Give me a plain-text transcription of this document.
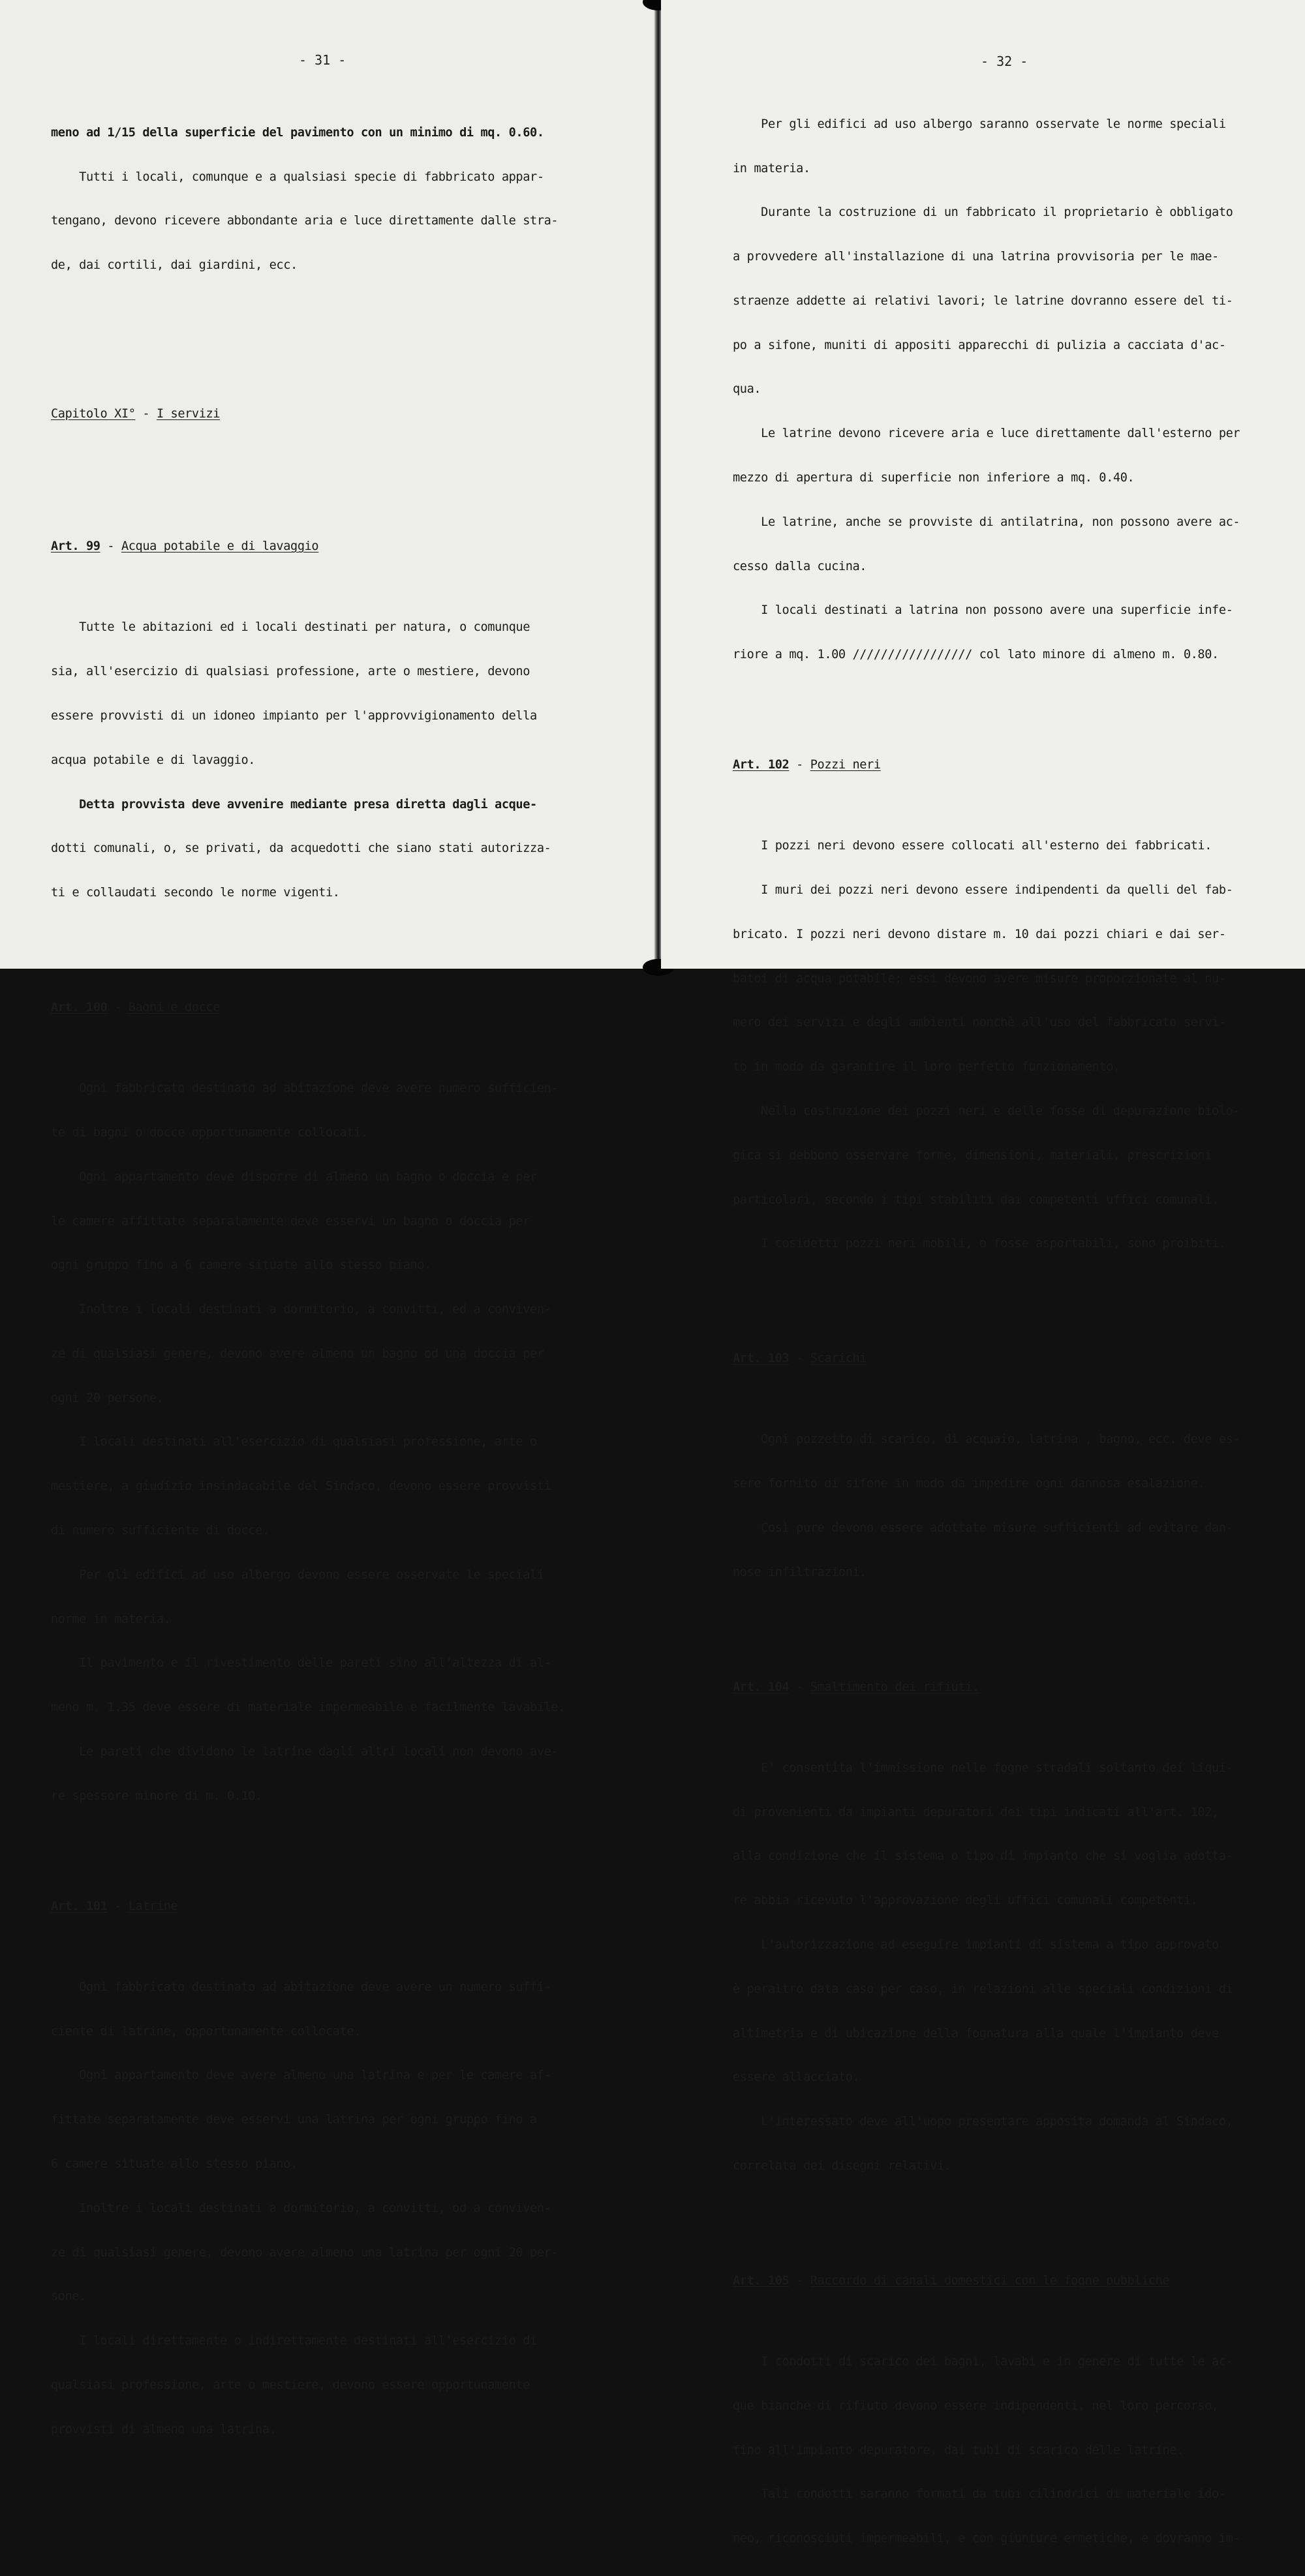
- 31 -

meno ad 1/15 della superficie del pavimento con un minimo di mq. 0.60.

Tutti i locali, comunque e a qualsiasi specie di fabbricato appar-

tengano, devono ricevere abbondante aria e luce direttamente dalle stra-

de, dai cortili, dai giardini, ecc.

Capitolo XI° - I servizi

Art. 99 - Acqua potabile e di lavaggio

Tutte le abitazioni ed i locali destinati per natura, o comunque

sia, all'esercizio di qualsiasi professione, arte o mestiere, devono

essere provvisti di un idoneo impianto per l'approvvigionamento della

acqua potabile e di lavaggio.

Detta provvista deve avvenire mediante presa diretta dagli acque-

dotti comunali, o, se privati, da acquedotti che siano stati autorizza-

ti e collaudati secondo le norme vigenti.

Art. 100 - Bagni e docce

Ogni fabbricato destinato ad abitazione deve avere numero sufficien-

te di bagni o docce opportunamente collocati.

Ogni appartamento deve disporre di almeno un bagno o doccia e per

le camere affittate separatamente deve esservi un bagno o doccia per

ogni gruppo fino a 6 camere situate allo stesso piano.

Inoltre i locali destinati a dormitorio, a convitti, ed a conviven-

ze di qualsiasi genere, devono avere almeno un bagno od una doccia per

ogni 20 persone.

I locali destinati all'esercizio di qualsiasi professione, arte o

mestiere, a giudizio insindacabile del Sindaco, devono essere provvisti

di numero sufficiente di docce.

Per gli edifici ad uso albergo devono essere osservate le speciali

norme in materia.

Il pavimento e il rivestimento delle pareti sino all'altezza di al-

meno m. 1.35 deve essere di materiale impermeabile e facilmente lavabile.

Le pareti che dividono le latrine dagli altri locali non devono ave-

re spessore minore di m. 0.10.

Art. 101 - Latrine

Ogni fabbricato destinato ad abitazione deve avere un numero suffi-

ciente di latrine, opportunamente collocate.

Ogni appartamento deve avere almeno una latrina e per le camere af-

fittate separatamente deve esservi una latrina per ogni gruppo fino a

6 camere situate allo stesso piano.

Inoltre i locali destinati a dormitorio, a convitti, od a conviven-

ze di qualsiasi genere, devono avere almeno una latrina per ogni 20 per-

sone.

I locali direttamente o indirettamente destinati all'esercizio di

qualsiasi professione, arte o mestiere, devono essere opportunamente

provvisti di almeno una latrina.

- 32 -

Per gli edifici ad uso albergo saranno osservate le norme speciali

in materia.

Durante la costruzione di un fabbricato il proprietario è obbligato

a provvedere all'installazione di una latrina provvisoria per le mae-

straenze addette ai relativi lavori; le latrine dovranno essere del ti-

po a sifone, muniti di appositi apparecchi di pulizia a cacciata d'ac-

qua.

Le latrine devono ricevere aria e luce direttamente dall'esterno per

mezzo di apertura di superficie non inferiore a mq. 0.40.

Le latrine, anche se provviste di antilatrina, non possono avere ac-

cesso dalla cucina.

I locali destinati a latrina non possono avere una superficie infe-

riore a mq. 1.00 ///////////////// col lato minore di almeno m. 0.80.

Art. 102 - Pozzi neri

I pozzi neri devono essere collocati all'esterno dei fabbricati.

I muri dei pozzi neri devono essere indipendenti da quelli del fab-

bricato. I pozzi neri devono distare m. 10 dai pozzi chiari e dai ser-

batoi di acqua potabile; essi devono avere misure proporzionate al nu-

mero dei servizi e degli ambienti nonchè all'uso del fabbricato servi-

to in modo da garantire il loro perfetto funzionamento.

Nella costruzione dei pozzi neri e delle fosse di depurazione biolo-

gica si debbono osservare forme, dimensioni, materiali, prescrizioni

particolari, secondo i tipi stabiliti dai competenti uffici comunali.

I cosidetti pozzi neri mobili, o fosse asportabili, sono proibiti.

Art. 103 - Scarichi

Ogni pozzetto di scarico, di acquaio, latrina , bagno, ecc. deve es-

sere fornito di sifone in modo da impedire ogni dannosa esalazione.

Così pure devono essere adottate misure sufficienti ad evitare dan-

nose infiltrazioni.

Art. 104 - Smaltimento dei rifiuti.

E' consentita l'immissione nelle fogne stradali soltanto dei liqui-

di provenienti da impianti depuratori dei tipi indicati all'art. 102,

alla condizione che il sistema o tipo di impianto che si voglia adotta-

re abbia ricevuto l'approvazione degli uffici comunali competenti.

L'autorizzazione ad eseguire impianti di sistema a tipo approvato

è peraltro data caso per caso, in relazioni alle speciali condizioni di

altimetria e di ubicazione della fognatura alla quale l'impianto deve

essere allacciato.

L'interessato deve all'uopo presentare apposita domanda al Sindaco,

correlata dei disegni relativi.

Art. 105 - Raccordo di canali domestici con le fogne pubbliche

I condotti di scarico dei bagni, lavabi e in genere di tutte le ac-

que bianche di rifiuto devono essere indipendenti, nel loro percorso,

fino all'impianto depuratore, dai tubi di scarico delle latrine.

Tali condotti saranno formati da tubi cilindrici di materiale ido-

neo, riconosciuti impermeabili, e con giunture ermetiche, e dovranno im-
